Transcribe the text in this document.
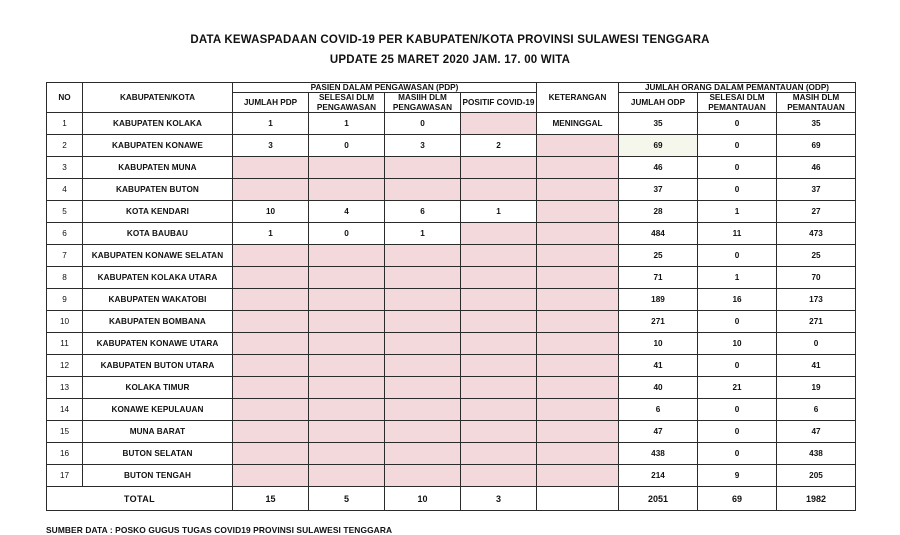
DATA KEWASPADAAN COVID-19 PER KABUPATEN/KOTA PROVINSI SULAWESI TENGGARA
UPDATE 25 MARET 2020 JAM. 17. 00 WITA
NO	KABUPATEN/KOTA	PASIEN DALAM PENGAWASAN (PDP)				KETERANGAN	JUMLAH ORANG DALAM PEMANTAUAN (ODP)		
		JUMLAH PDP	SELESAI DLM PENGAWASAN	MASIIH DLM PENGAWASAN	POSITIF COVID-19		JUMLAH ODP	SELESAI DLM PEMANTAUAN	MASIH DLM PEMANTAUAN
1	KABUPATEN KOLAKA	1	1	0		MENINGGAL	35	0	35
2	KABUPATEN KONAWE	3	0	3	2		69	0	69
3	KABUPATEN MUNA						46	0	46
4	KABUPATEN BUTON						37	0	37
5	KOTA KENDARI	10	4	6	1		28	1	27
6	KOTA BAUBAU	1	0	1			484	11	473
7	KABUPATEN KONAWE SELATAN						25	0	25
8	KABUPATEN KOLAKA UTARA						71	1	70
9	KABUPATEN WAKATOBI						189	16	173
10	KABUPATEN BOMBANA						271	0	271
11	KABUPATEN KONAWE UTARA						10	10	0
12	KABUPATEN BUTON UTARA						41	0	41
13	KOLAKA TIMUR						40	21	19
14	KONAWE KEPULAUAN						6	0	6
15	MUNA BARAT						47	0	47
16	BUTON SELATAN						438	0	438
17	BUTON TENGAH						214	9	205
TOTAL		15	5	10	3		2051	69	1982
SUMBER DATA : POSKO GUGUS TUGAS COVID19 PROVINSI SULAWESI TENGGARA
